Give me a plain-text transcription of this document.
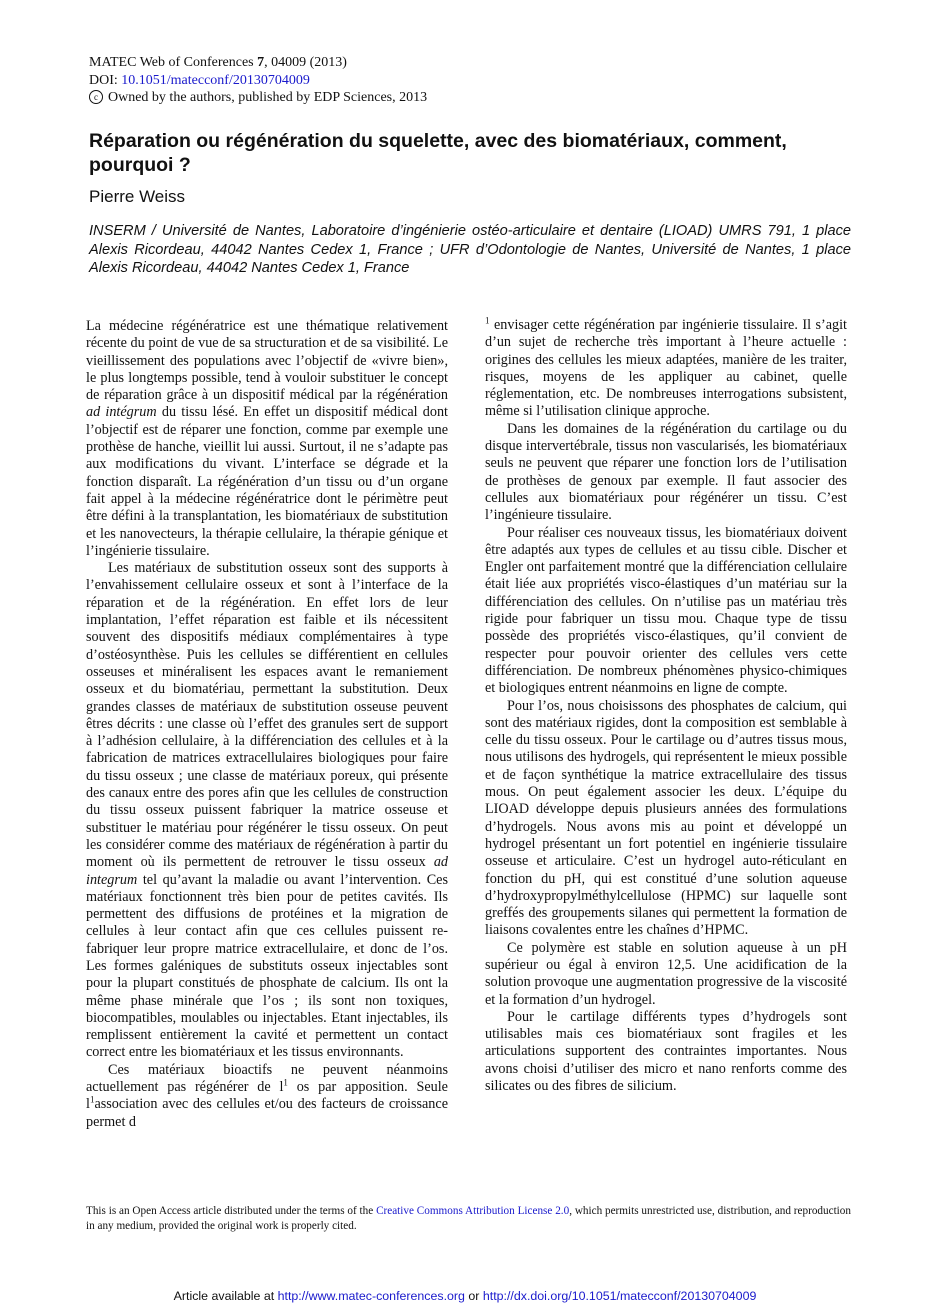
MATEC Web of Conferences 7, 04009 (2013)
DOI: 10.1051/matecconf/20130704009
c Owned by the authors, published by EDP Sciences, 2013
Réparation ou régénération du squelette, avec des biomatériaux, comment, pourquoi ?

Pierre Weiss

INSERM / Université de Nantes, Laboratoire d’ingénierie ostéo-articulaire et dentaire (LIOAD) UMRS 791, 1 place Alexis Ricordeau, 44042 Nantes Cedex 1, France ; UFR d’Odontologie de Nantes, Université de Nantes, 1 place Alexis Ricordeau, 44042 Nantes Cedex 1, France

La médecine régénératrice est une thématique relativement récente du point de vue de sa structuration et de sa visibilité. Le vieillissement des populations avec l’objectif de «vivre bien», le plus longtemps possible, tend à vouloir substituer le concept de réparation grâce à un dispositif médical par la régénération ad intégrum du tissu lésé. En effet un dispositif médical dont l’objectif est de réparer une fonction, comme par exemple une prothèse de hanche, vieillit lui aussi. Surtout, il ne s’adapte pas aux modifications du vivant. L’interface se dégrade et la fonction disparaît. La régénération d’un tissu ou d’un organe fait appel à la médecine régénératrice dont le périmètre peut être défini à la transplantation, les biomatériaux de substitution et les nanovecteurs, la thérapie cellulaire, la thérapie génique et l’ingénierie tissulaire.

Les matériaux de substitution osseux sont des supports à l’envahissement cellulaire osseux et sont à l’interface de la réparation et de la régénération. En effet lors de leur implantation, l’effet réparation est faible et ils nécessitent souvent des dispositifs médiaux complémentaires à type d’ostéosynthèse. Puis les cellules se différentient en cellules osseuses et minéralisent les espaces avant le remaniement osseux et du biomatériau, permettant la substitution. Deux grandes classes de matériaux de substitution osseuse peuvent êtres décrits : une classe où l’effet des granules sert de support à l’adhésion cellulaire, à la différenciation des cellules et à la fabrication de matrices extracellulaires biologiques pour faire du tissu osseux ; une classe de matériaux poreux, qui présente des canaux entre des pores afin que les cellules de construction du tissu osseux puissent fabriquer la matrice osseuse et substituer le matériau pour régénérer le tissu osseux. On peut les considérer comme des matériaux de régénération à partir du moment où ils permettent de retrouver le tissu osseux ad integrum tel qu’avant la maladie ou avant l’intervention. Ces matériaux fonctionnent très bien pour de petites cavités. Ils permettent des diffusions de protéines et la migration de cellules à leur contact afin que ces cellules puissent re-fabriquer leur propre matrice extracellulaire, et donc de l’os. Les formes galéniques de substituts osseux injectables sont pour la plupart constitués de phosphate de calcium. Ils ont la même phase minérale que l’os ; ils sont non toxiques, biocompatibles, moulables ou injectables. Etant injectables, ils remplissent entièrement la cavité et permettent un contact correct entre les biomatériaux et les tissus environnants.

Ces matériaux bioactifs ne peuvent néanmoins actuellement pas régénérer de $l^1$ os par apposition. Seule $l^1association$ avec des cellules et/ou des facteurs de croissance permet d

$^1$ envisager cette régénération par ingénierie tissulaire. Il s’agit d’un sujet de recherche très important à l’heure actuelle : origines des cellules les mieux adaptées, manière de les traiter, risques, moyens de les appliquer au cabinet, quelle réglementation, etc. De nombreuses interrogations subsistent, même si l’utilisation clinique approche.

Dans les domaines de la régénération du cartilage ou du disque intervertébrale, tissus non vascularisés, les biomatériaux seuls ne peuvent que réparer une fonction lors de l’utilisation de prothèses de genoux par exemple. Il faut associer des cellules aux biomatériaux pour régénérer un tissu. C’est l’ingénieure tissulaire.

Pour réaliser ces nouveaux tissus, les biomatériaux doivent être adaptés aux types de cellules et au tissu cible. Discher et Engler ont parfaitement montré que la différenciation cellulaire était liée aux propriétés visco-élastiques d’un matériau sur la différenciation des cellules. On n’utilise pas un matériau très rigide pour fabriquer un tissu mou. Chaque type de tissu possède des propriétés visco-élastiques, qu’il convient de respecter pour pouvoir orienter des cellules vers cette différenciation. De nombreux phénomènes physico-chimiques et biologiques entrent néanmoins en ligne de compte.

Pour l’os, nous choisissons des phosphates de calcium, qui sont des matériaux rigides, dont la composition est semblable à celle du tissu osseux. Pour le cartilage ou d’autres tissus mous, nous utilisons des hydrogels, qui représentent le mieux possible et de façon synthétique la matrice extracellulaire des tissus mous. On peut également associer les deux. L’équipe du LIOAD développe depuis plusieurs années des formulations d’hydrogels. Nous avons mis au point et développé un hydrogel présentant un fort potentiel en ingénierie tissulaire osseuse et articulaire. C’est un hydrogel auto-réticulant en fonction du pH, qui est constitué d’une solution aqueuse d’hydroxypropylméthylcellulose (HPMC) sur laquelle sont greffés des groupements silanes qui permettent la formation de liaisons covalentes entre les chaînes d’HPMC.

Ce polymère est stable en solution aqueuse à un pH supérieur ou égal à environ 12,5. Une acidification de la solution provoque une augmentation progressive de la viscosité et la formation d’un hydrogel.

Pour le cartilage différents types d’hydrogels sont utilisables mais ces biomatériaux sont fragiles et les articulations supportent des contraintes importantes. Nous avons choisi d’utiliser des micro et nano renforts comme des silicates ou des fibres de silicium.

This is an Open Access article distributed under the terms of the Creative Commons Attribution License 2.0, which permits unrestricted use, distribution, and reproduction in any medium, provided the original work is properly cited.

Article available at http://www.matec-conferences.org or http://dx.doi.org/10.1051/matecconf/20130704009
